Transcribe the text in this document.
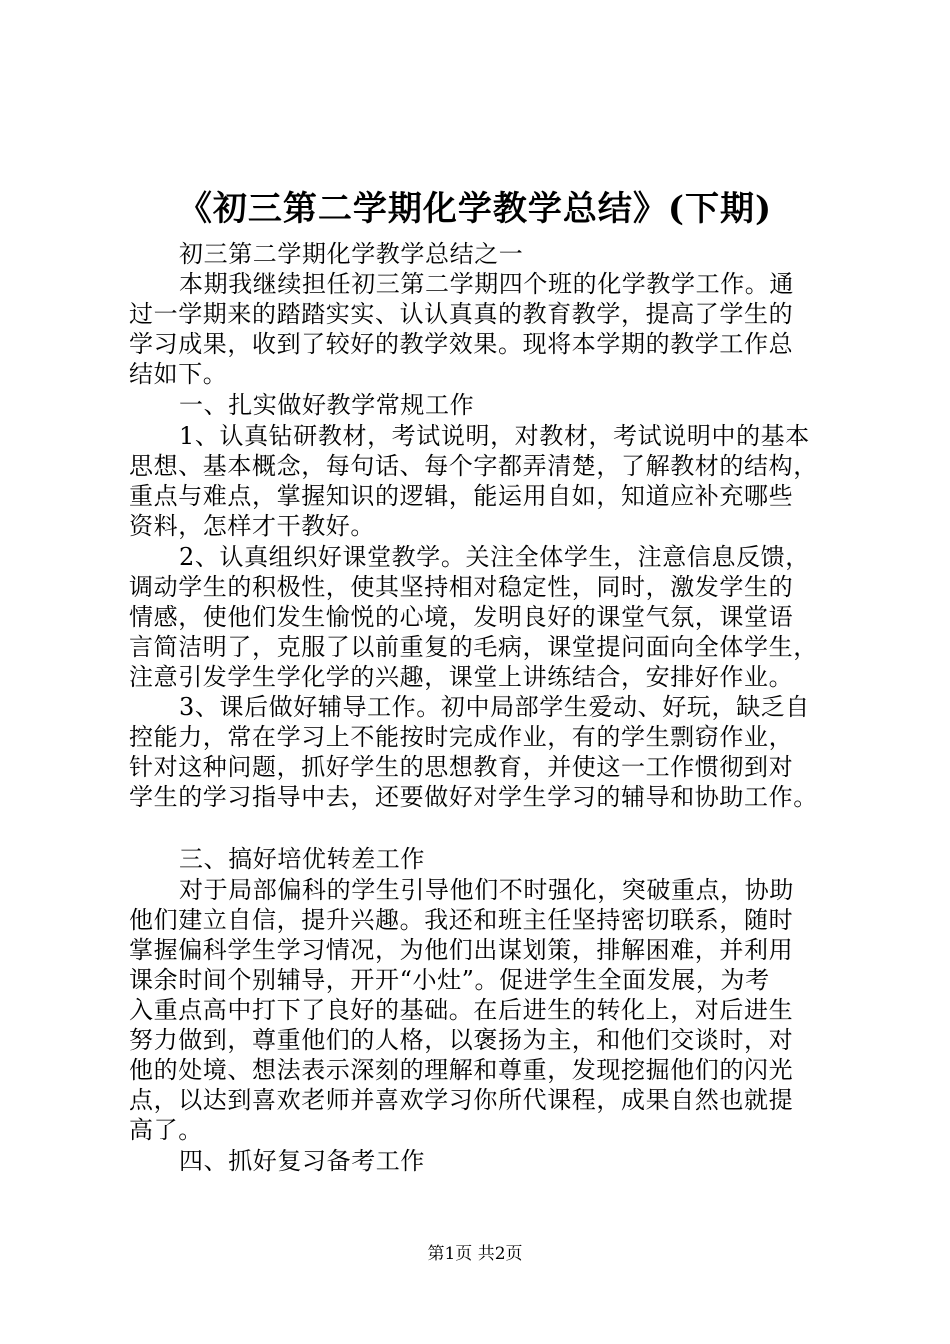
《初三第二学期化学教学总结》(下期)
初三第二学期化学教学总结之一
本期我继续担任初三第二学期四个班的化学教学工作。通
过一学期来的踏踏实实、认认真真的教育教学，提高了学生的
学习成果，收到了较好的教学效果。现将本学期的教学工作总
结如下。
一、扎实做好教学常规工作
1、认真钻研教材，考试说明，对教材，考试说明中的基本
思想、基本概念，每句话、每个字都弄清楚，了解教材的结构，
重点与难点，掌握知识的逻辑，能运用自如，知道应补充哪些
资料，怎样才干教好。
2、认真组织好课堂教学。关注全体学生，注意信息反馈，
调动学生的积极性，使其坚持相对稳定性，同时，激发学生的
情感，使他们发生愉悦的心境，发明良好的课堂气氛，课堂语
言简洁明了，克服了以前重复的毛病，课堂提问面向全体学生，
注意引发学生学化学的兴趣，课堂上讲练结合，安排好作业。
3、课后做好辅导工作。初中局部学生爱动、好玩，缺乏自
控能力，常在学习上不能按时完成作业，有的学生剽窃作业，
针对这种问题，抓好学生的思想教育，并使这一工作惯彻到对
学生的学习指导中去，还要做好对学生学习的辅导和协助工作。
三、搞好培优转差工作
对于局部偏科的学生引导他们不时强化，突破重点，协助
他们建立自信，提升兴趣。我还和班主任坚持密切联系，随时
掌握偏科学生学习情况，为他们出谋划策，排解困难，并利用
课余时间个别辅导，开开“小灶”。促进学生全面发展，为考
入重点高中打下了良好的基础。在后进生的转化上，对后进生
努力做到，尊重他们的人格，以褒扬为主，和他们交谈时，对
他的处境、想法表示深刻的理解和尊重，发现挖掘他们的闪光
点，以达到喜欢老师并喜欢学习你所代课程，成果自然也就提
高了。
四、抓好复习备考工作
第1页 共2页
